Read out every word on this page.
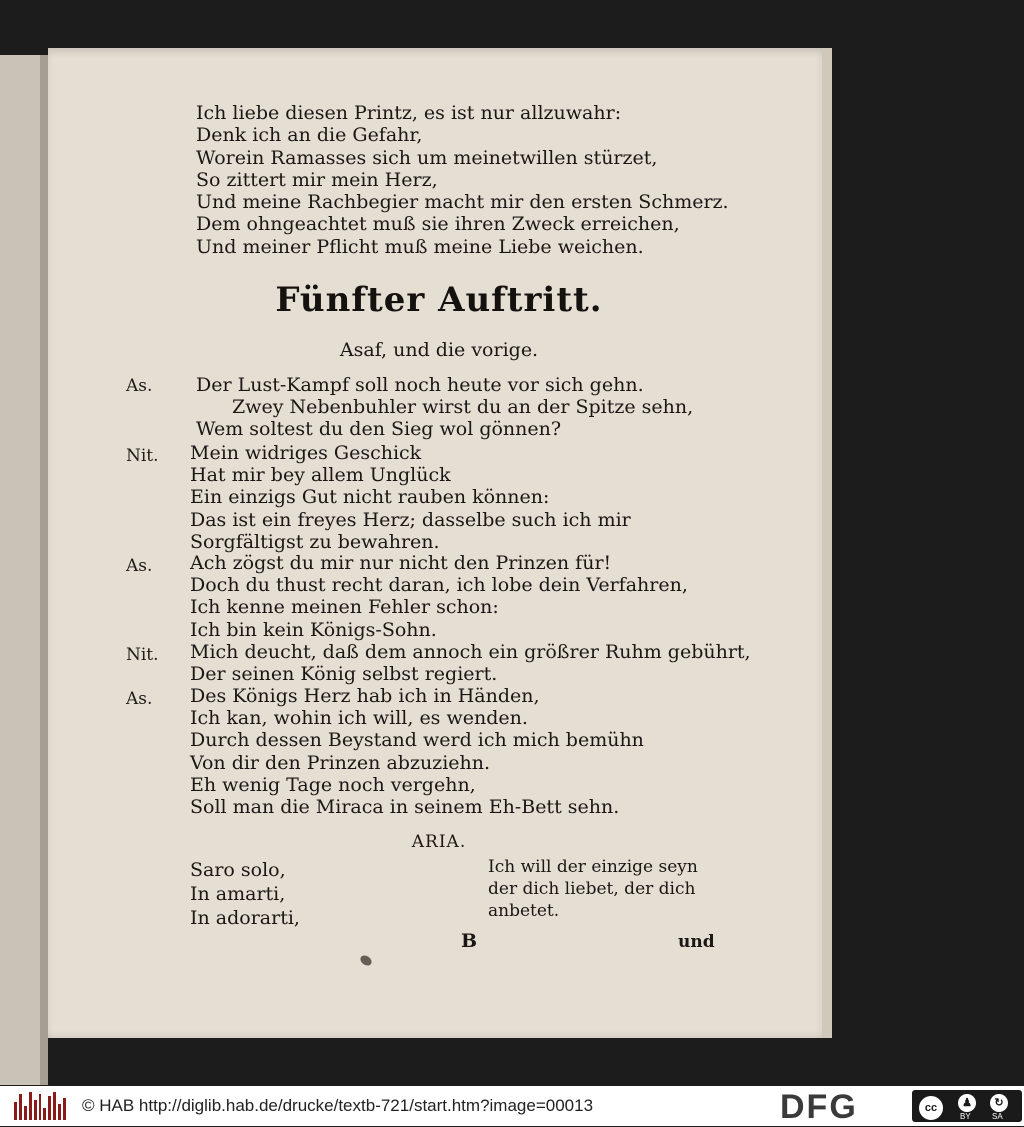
Ich liebe diesen Printz, es ist nur allzuwahr:
Denk ich an die Gefahr,
Worein Ramasses sich um meinetwillen stürzet,
So zittert mir mein Herz,
Und meine Rachbegier macht mir den ersten Schmerz.
Dem ohngeachtet muß sie ihren Zweck erreichen,
Und meiner Pflicht muß meine Liebe weichen.
Fünfter Auftritt.
Asaf, und die vorige.
As. Der Lust-Kampf soll noch heute vor sich gehn.
Zwey Nebenbuhler wirst du an der Spitze sehn,
Wem soltest du den Sieg wol gönnen?
Nit. Mein widriges Geschick
Hat mir bey allem Unglück
Ein einzigs Gut nicht rauben können:
Das ist ein freyes Herz; dasselbe such ich mir
Sorgfältigst zu bewahren.
As. Ach zögst du mir nur nicht den Prinzen für!
Doch du thust recht daran, ich lobe dein Verfahren,
Ich kenne meinen Fehler schon:
Ich bin kein Königs-Sohn.
Nit. Mich deucht, daß dem annoch ein größrer Ruhm gebührt,
Der seinen König selbst regiert.
As. Des Königs Herz hab ich in Händen,
Ich kan, wohin ich will, es wenden.
Durch dessen Beystand werd ich mich bemühn
Von dir den Prinzen abzuziehn.
Eh wenig Tage noch vergehn,
Soll man die Miraca in seinem Eh-Bett sehn.
ARIA.
Saro solo,
In amarti,
In adorarti,
Ich will der einzige seyn
der dich liebet, der dich
anbetet.
B	und
© HAB http://diglib.hab.de/drucke/textb-721/start.htm?image=00013	DFG	cc	♟	↻
BY	SA
